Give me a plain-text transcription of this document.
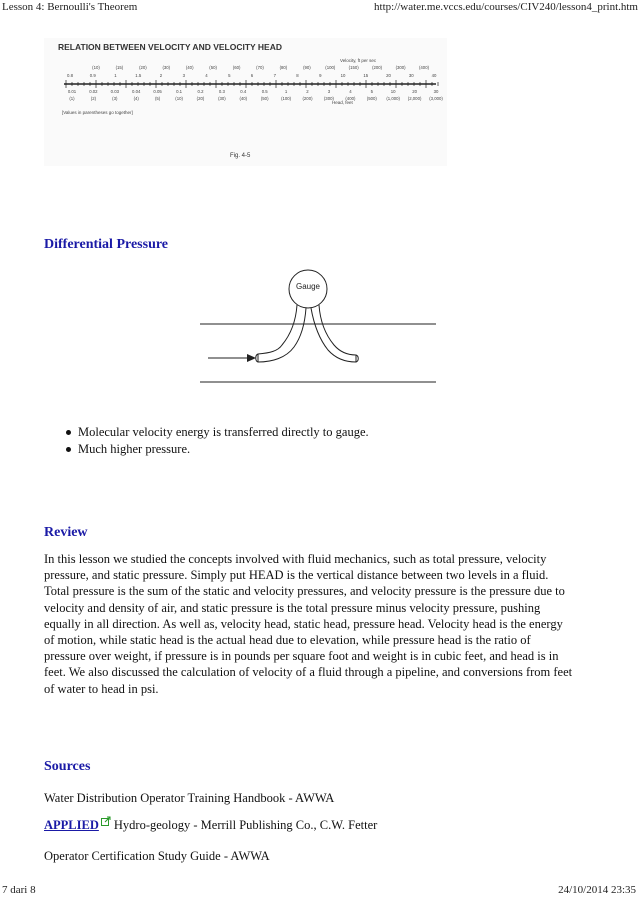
Lesson 4: Bernoulli's Theorem	http://water.me.vccs.edu/courses/CIV240/lesson4_print.htm
RELATION BETWEEN VELOCITY AND VELOCITY HEAD
Velocity, ft per sec
(10)	(15)	(20)	(30)	(40)	(50)	(60)	(70)	(80)	(90)	(100)	(150)	(200)	(300)	(400)
0.8	0.9	1	1.5	2	3	4	5	6	7	8	9	10	15	20	30	40
Head, feet
0.01	0.02	0.03	0.04	0.05	0.1	0.2	0.3	0.4	0.5	1	2	3	4	5	10	20	30
(1)	(2)	(3)	(4)	(5)	(10)	(20)	(30)	(40)	(50)	(100)	(200)	(300)	(400)	(500) (1,000) (2,000) (3,000)
[Values in parentheses go together]
Fig. 4-5
Differential Pressure
Gauge
Molecular velocity energy is transferred directly to gauge.
Much higher pressure.
Review

In this lesson we studied the concepts involved with fluid mechanics, such as total pressure, velocity pressure, and static pressure. Simply put HEAD is the vertical distance between two levels in a fluid. Total pressure is the sum of the static and velocity pressures, and velocity pressure is the pressure due to velocity and density of air, and static pressure is the total pressure minus velocity pressure, pushing equally in all direction. As well as, velocity head, static head, pressure head. Velocity head is the energy of motion, while static head is the actual head due to elevation, while pressure head is the ratio of pressure over weight, if pressure is in pounds per square foot and weight is in cubic feet, and head is in feet. We also discussed the calculation of velocity of a fluid through a pipeline, and conversions from feet of water to head in psi.

Sources
Water Distribution Operator Training Handbook - AWWA
APPLIED Hydro-geology - Merrill Publishing Co., C.W. Fetter
Operator Certification Study Guide - AWWA
7 dari 8	24/10/2014 23:35
